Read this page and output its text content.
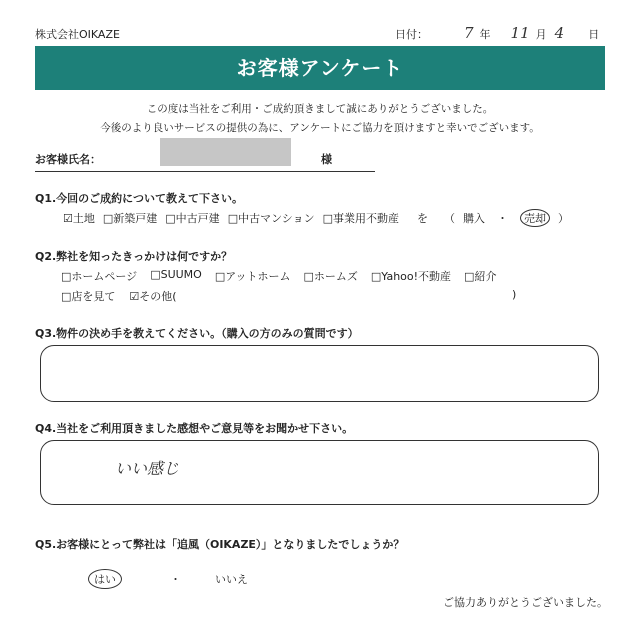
株式会社OIKAZE	日付： 7 年 11 月 4 日
お客様アンケート
この度は当社をご利用・ご成約頂きまして誠にありがとうございました。
今後のより良いサービスの提供の為に、アンケートにご協力を頂けますと幸いでございます。
お客様氏名：	様
Q1.今回のご成約について教えて下さい。
☑土地 □新築戸建 □中古戸建 □中古マンション □事業用不動産 を （ 購入 ・	売却	）
Q2.弊社を知ったきっかけは何ですか？
□ホームページ □SUUMO □アットホーム □ホームズ □Yahoo!不動産 □紹介
□店を見て ☑その他(	)
Q3.物件の決め手を教えてください。（購入の方のみの質問です）
Q4.当社をご利用頂きました感想やご意見等をお聞かせ下さい。
いい感じ
Q5.お客様にとって弊社は「追風（OIKAZE）」となりましたでしょうか？
はい	・	いいえ
ご協力ありがとうございました。
